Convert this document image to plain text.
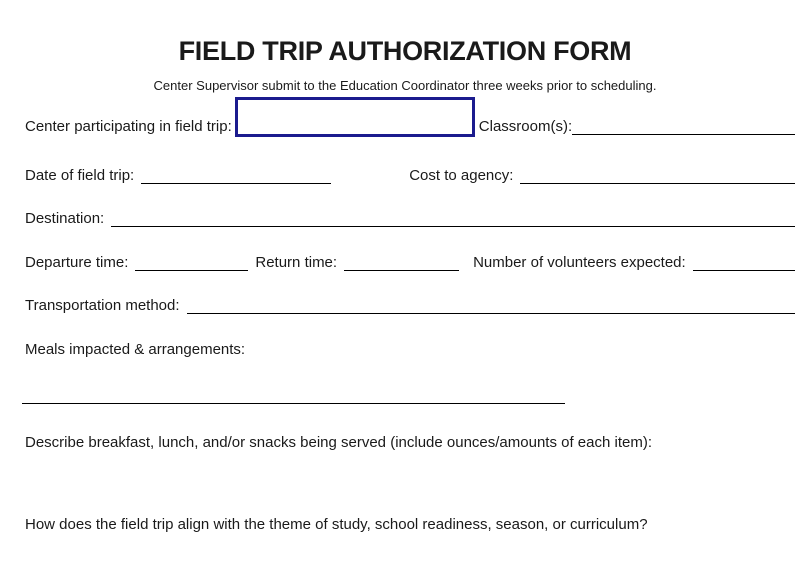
FIELD TRIP AUTHORIZATION FORM
Center Supervisor submit to the Education Coordinator three weeks prior to scheduling.
Center participating in field trip:	Classroom(s):
Date of field trip:	Cost to agency:
Destination:
Departure time:	Return time:	Number of volunteers expected:
Transportation method:
Meals impacted & arrangements:
Describe breakfast, lunch, and/or snacks being served (include ounces/amounts of each item):
How does the field trip align with the theme of study, school readiness, season, or curriculum?
